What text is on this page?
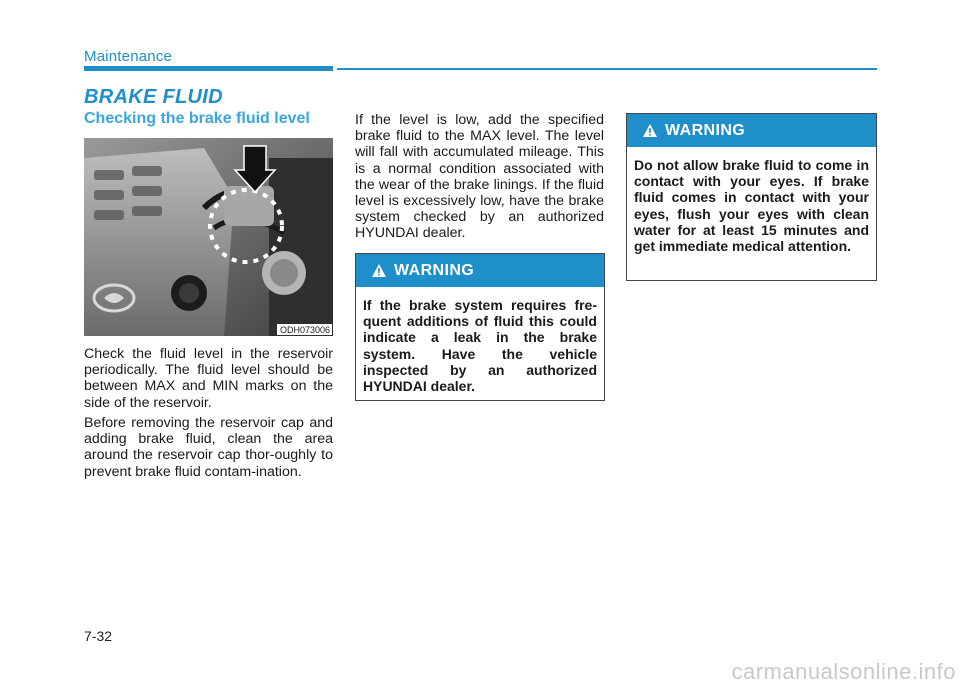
Maintenance
BRAKE FLUID
Checking the brake fluid level
ODH073006

Check the fluid level in the reservoir periodically. The fluid level should be between MAX and MIN marks on the side of the reservoir.

Before removing the reservoir cap and adding brake fluid, clean the area around the reservoir cap thor-oughly to prevent brake fluid contam-ination.

If the level is low, add the specified brake fluid to the MAX level. The level will fall with accumulated mileage. This is a normal condition associated with the wear of the brake linings. If the fluid level is excessively low, have the brake system checked by an authorized HYUNDAI dealer.

WARNING

If the brake system requires fre-quent additions of fluid this could indicate a leak in the brake system. Have the vehicle inspected by an authorized HYUNDAI dealer.

WARNING

Do not allow brake fluid to come in contact with your eyes. If brake fluid comes in contact with your eyes, flush your eyes with clean water for at least 15 minutes and get immediate medical attention.

7-32
carmanualsonline.info
